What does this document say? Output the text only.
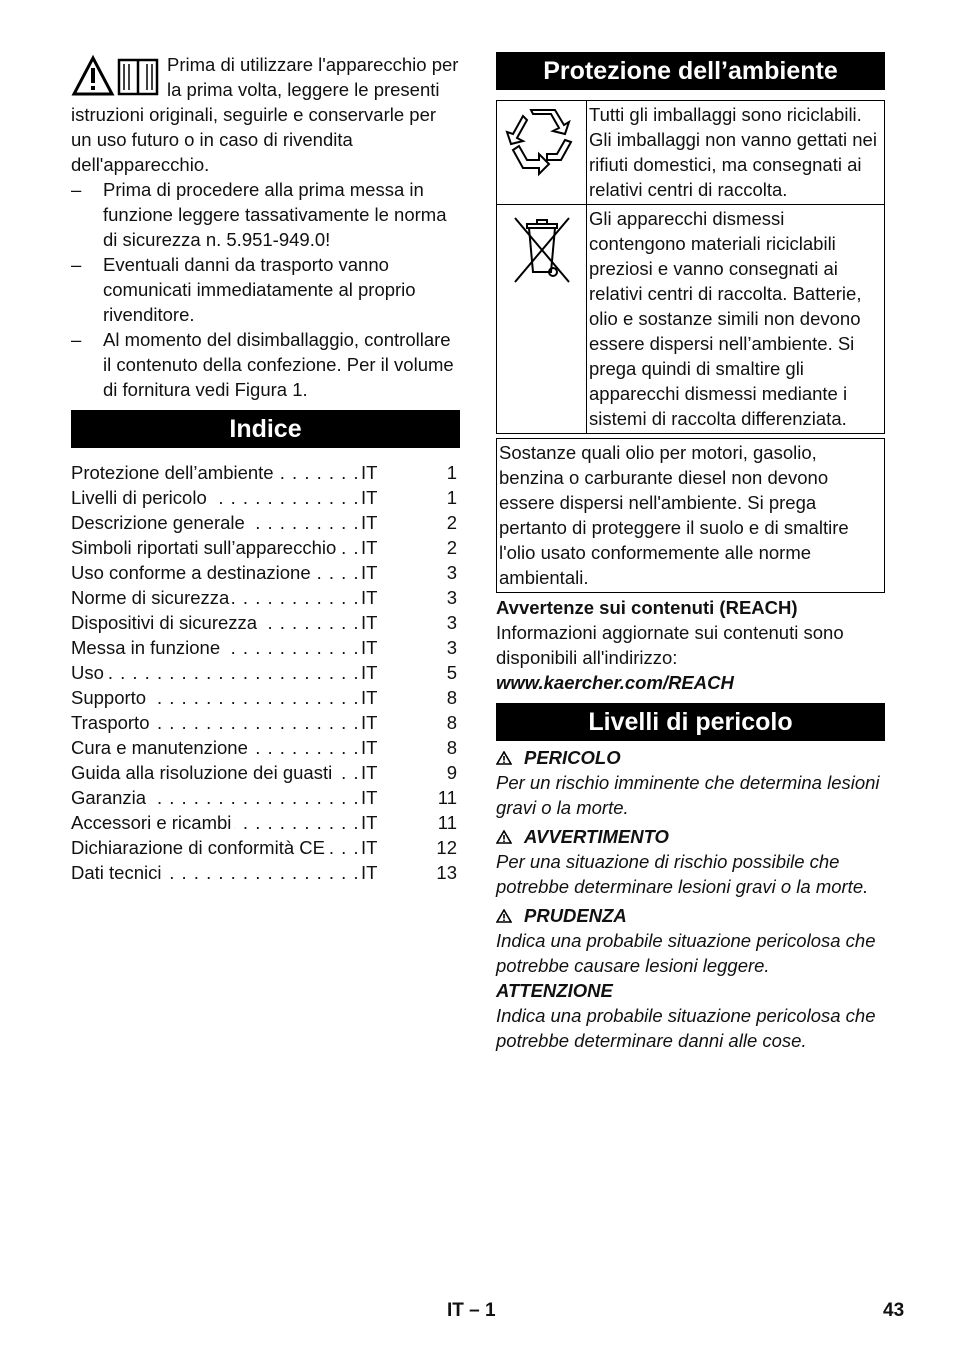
Prima di utilizzare l'apparecchio per la prima volta, leggere le presenti istruzioni originali, seguirle e conservarle per un uso futuro o in caso di rivendita dell'apparecchio.

– Prima di procedere alla prima messa in funzione leggere tassativamente le norma di sicurezza n. 5.951-949.0!
– Eventuali danni da trasporto vanno comunicati immediatamente al proprio rivenditore.
– Al momento del disimballaggio, controllare il contenuto della confezione. Per il volume di fornitura vedi Figura 1.
Indice
Protezione dell’ambiente . . .	IT	1
Livelli di pericolo . . .	IT	1
Descrizione generale . . .	IT	2
Simboli riportati sull’apparecchio . . .	IT	2
Uso conforme a destinazione . . .	IT	3
Norme di sicurezza . . .	IT	3
Dispositivi di sicurezza . . .	IT	3
Messa in funzione . . .	IT	3
Uso . . .	IT	5
Supporto . . .	IT	8
Trasporto . . .	IT	8
Cura e manutenzione . . .	IT	8
Guida alla risoluzione dei guasti . . .	IT	9
Garanzia . . .	IT	11
Accessori e ricambi . . .	IT	11
Dichiarazione di conformità CE . . .	IT	12
Dati tecnici . . .	IT	13
Protezione dell’ambiente
	Tutti gli imballaggi sono riciclabili. Gli imballaggi non vanno gettati nei rifiuti domestici, ma consegnati ai relativi centri di raccolta.
	Gli apparecchi dismessi contengono materiali riciclabili preziosi e vanno consegnati ai relativi centri di raccolta. Batterie, olio e sostanze simili non devono essere dispersi nell’ambiente. Si prega quindi di smaltire gli apparecchi dismessi mediante i sistemi di raccolta differenziata.
Sostanze quali olio per motori, gasolio, benzina o carburante diesel non devono essere dispersi nell'ambiente. Si prega pertanto di proteggere il suolo e di smaltire l'olio usato conformemente alle norme ambientali.
Avvertenze sui contenuti (REACH)

Informazioni aggiornate sui contenuti sono disponibili all'indirizzo:

www.kaercher.com/REACH

Livelli di pericolo
PERICOLO

Per un rischio imminente che determina lesioni gravi o la morte.

AVVERTIMENTO

Per una situazione di rischio possibile che potrebbe determinare lesioni gravi o la morte.

PRUDENZA

Indica una probabile situazione pericolosa che potrebbe causare lesioni leggere.

ATTENZIONE

Indica una probabile situazione pericolosa che potrebbe determinare danni alle cose.

IT – 1	43
